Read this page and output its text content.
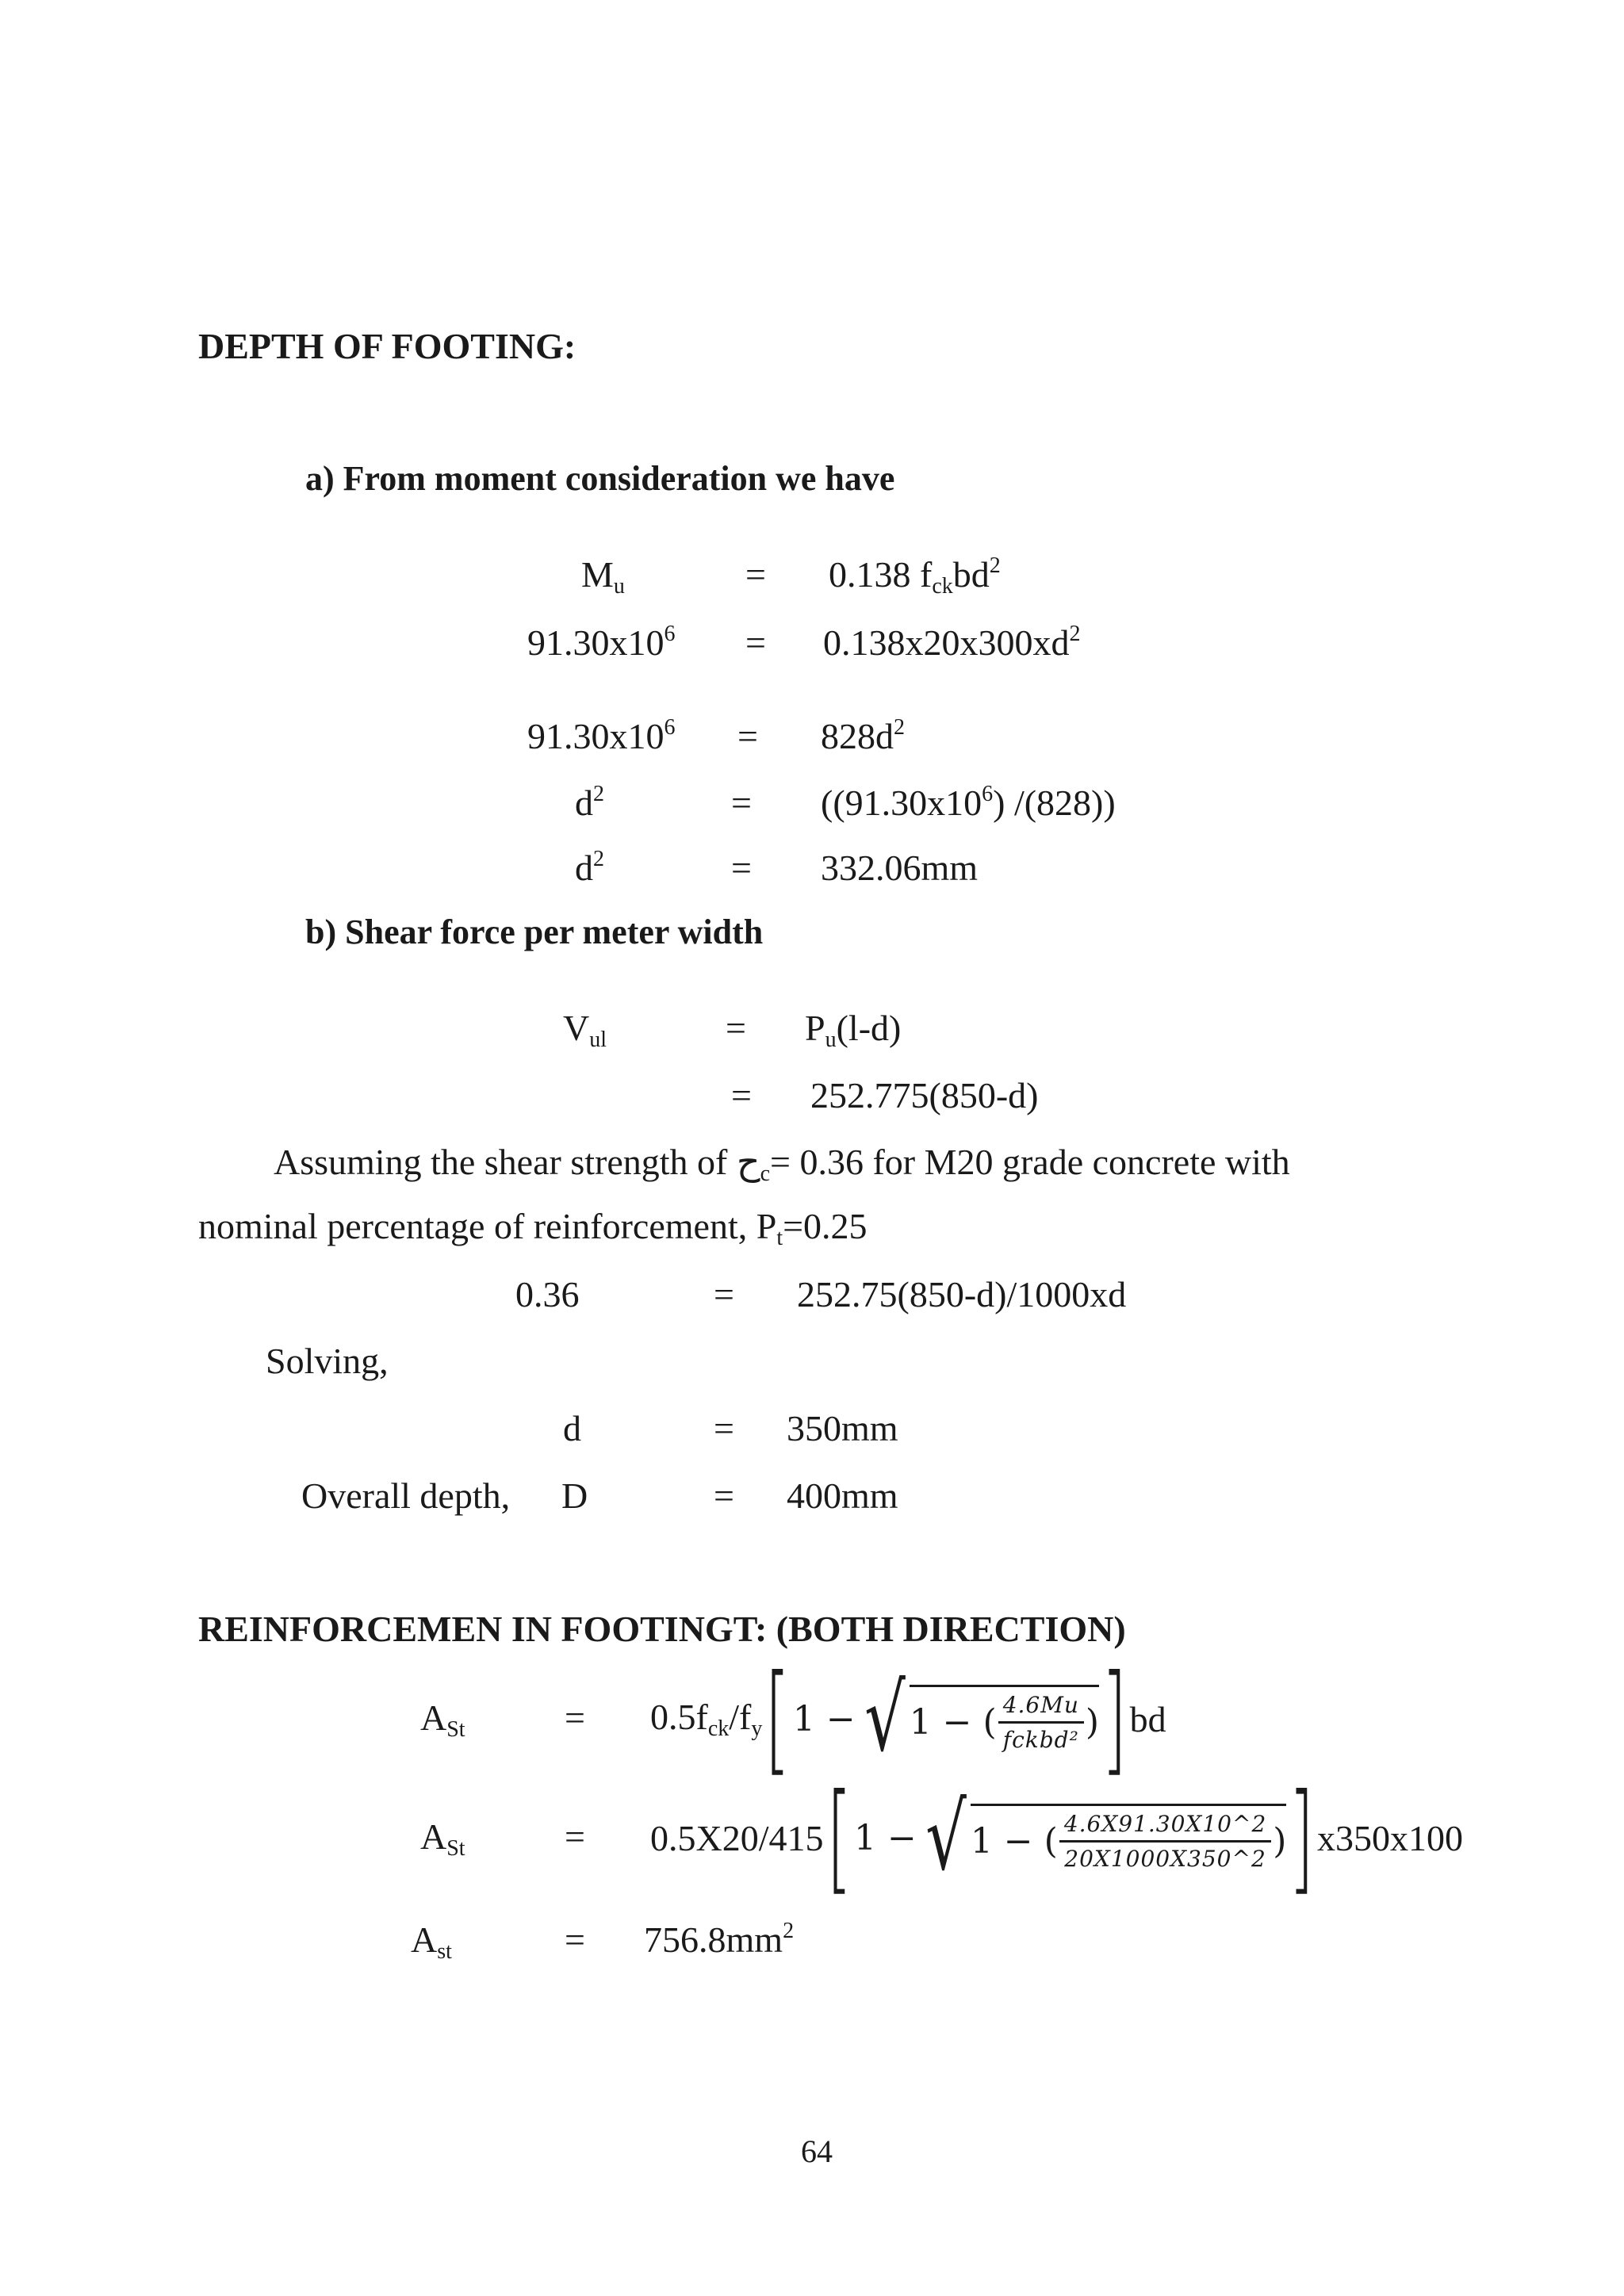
DEPTH OF FOOTING:
a) From moment consideration we have
$M_u$	= 0.138 $f_{ck}bd^2$
$91.30x10^6 = 0.138x20x300xd^2$
$91.30x10^6 = 828d^2$
$d^2$	= ($(91.30x10^6)$ /(828))
$d^2$	= 332.06mm
b) Shear force per meter width
$V_{ul}$	= $P_u(l-d)$
= 252.775(850-d)
Assuming the shear strength of ح$_c$= 0.36 for M20 grade concrete with
nominal percentage of reinforcement, $P_t=0.25$
0.36	= 252.75(850-d)/1000xd
Solving,
d	= 350mm
Overall depth, D	= 400mm
REINFORCEMEN IN FOOTINGT: (BOTH DIRECTION)
$A_{St}$	= $0.5f_{ck}/f_y$ [ 1 − √ 1 − ( $\frac{4.6Mu}{\text{fckbd²}}$ ) ] bd
$A_{St}$	= 0.5X20/415 [ 1 − √ 1 − ( $\frac{4.6X91.30X10\^{}2}{20X1000X350\^{}2}$ ) ] x350x100
$A_{st}$	= $756.8mm^2$
64
